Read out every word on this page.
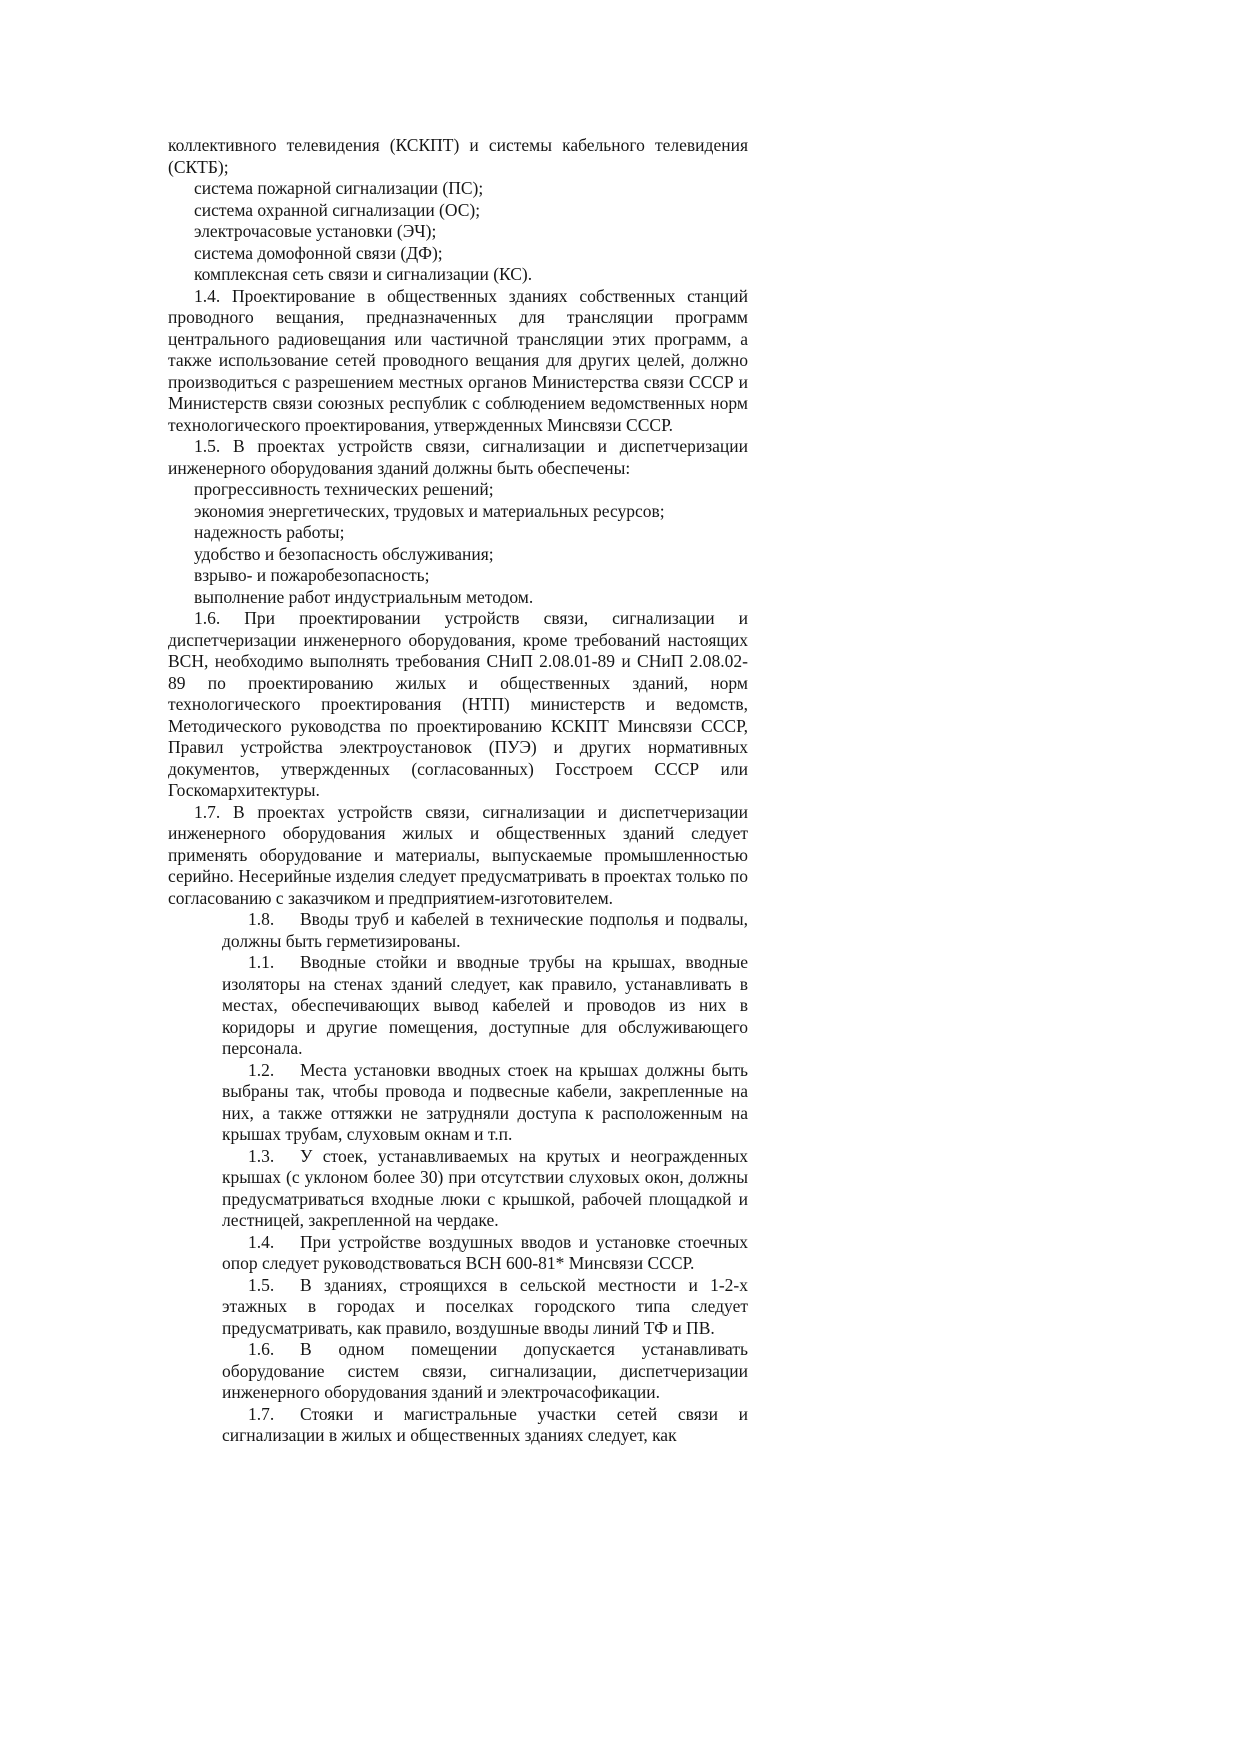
коллективного телевидения (КСКПТ) и системы кабельного телевидения (СКТБ);

система пожарной сигнализации (ПС);

система охранной сигнализации (ОС);

электрочасовые установки (ЭЧ);

система домофонной связи (ДФ);

комплексная сеть связи и сигнализации (КС).

1.4. Проектирование в общественных зданиях собственных станций проводного вещания, предназначенных для трансляции программ центрального радиовещания или частичной трансляции этих программ, а также использование сетей проводного вещания для других целей, должно производиться с разрешением местных органов Министерства связи СССР и Министерств связи союзных республик с соблюдением ведомственных норм технологического проектирования, утвержденных Минсвязи СССР.

1.5. В проектах устройств связи, сигнализации и диспетчеризации инженерного оборудования зданий должны быть обеспечены:

прогрессивность технических решений;

экономия энергетических, трудовых и материальных ресурсов;

надежность работы;

удобство и безопасность обслуживания;

взрыво- и пожаробезопасность;

выполнение работ индустриальным методом.

1.6. При проектировании устройств связи, сигнализации и диспетчеризации инженерного оборудования, кроме требований настоящих ВСН, необходимо выполнять требования СНиП 2.08.01-89 и СНиП 2.08.02-89 по проектированию жилых и общественных зданий, норм технологического проектирования (НТП) министерств и ведомств, Методического руководства по проектированию КСКПТ Минсвязи СССР, Правил устройства электроустановок (ПУЭ) и других нормативных документов, утвержденных (согласованных) Госстроем СССР или Госкомархитектуры.

1.7. В проектах устройств связи, сигнализации и диспетчеризации инженерного оборудования жилых и общественных зданий следует применять оборудование и материалы, выпускаемые промышленностью серийно. Несерийные изделия следует предусматривать в проектах только по согласованию с заказчиком и предприятием-изготовителем.

1.8. Вводы труб и кабелей в технические подполья и подвалы, должны быть герметизированы.

1.1. Вводные стойки и вводные трубы на крышах, вводные изоляторы на стенах зданий следует, как правило, устанавливать в местах, обеспечивающих вывод кабелей и проводов из них в коридоры и другие помещения, доступные для обслуживающего персонала.

1.2. Места установки вводных стоек на крышах должны быть выбраны так, чтобы провода и подвесные кабели, закрепленные на них, а также оттяжки не затрудняли доступа к расположенным на крышах трубам, слуховым окнам и т.п.

1.3. У стоек, устанавливаемых на крутых и неогражденных крышах (с уклоном более 30) при отсутствии слуховых окон, должны предусматриваться входные люки с крышкой, рабочей площадкой и лестницей, закрепленной на чердаке.

1.4. При устройстве воздушных вводов и установке стоечных опор следует руководствоваться ВСН 600-81* Минсвязи СССР.

1.5. В зданиях, строящихся в сельской местности и 1-2-х этажных в городах и поселках городского типа следует предусматривать, как правило, воздушные вводы линий ТФ и ПВ.

1.6. В одном помещении допускается устанавливать оборудование систем связи, сигнализации, диспетчеризации инженерного оборудования зданий и электрочасофикации.

1.7. Стояки и магистральные участки сетей связи и сигнализации в жилых и общественных зданиях следует, как
